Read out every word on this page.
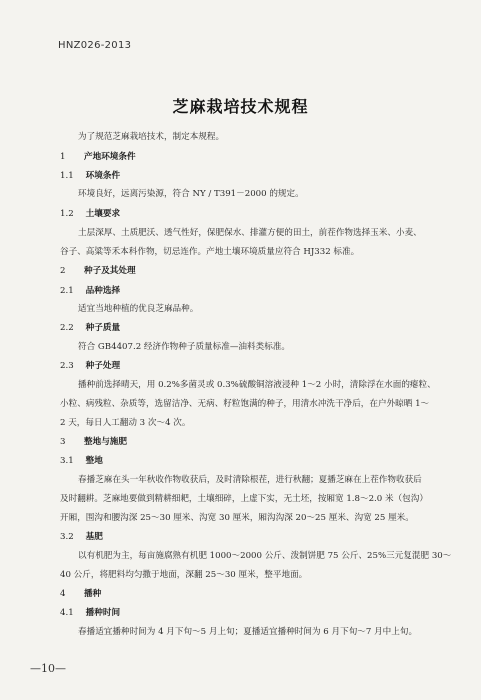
HNZ026-2013
芝麻栽培技术规程
为了规范芝麻栽培技术，制定本规程。
1 产地环境条件
1.1 环境条件
环境良好，远离污染源，符合 NY / T391－2000 的规定。
1.2 土壤要求
土层深厚、土质肥沃、透气性好，保肥保水、排灌方便的田土，前茬作物选择玉米、小麦、
谷子、高粱等禾本科作物，切忌连作。产地土壤环境质量应符合 HJ332 标准。
2 种子及其处理
2.1 品种选择
适宜当地种植的优良芝麻品种。
2.2 种子质量
符合 GB4407.2 经济作物种子质量标准—油料类标准。
2.3 种子处理
播种前选择晴天，用 0.2%多菌灵或 0.3%硫酸铜溶液浸种 1～2 小时，清除浮在水面的瘪粒、
小粒、病残粒、杂质等，选留洁净、无病、籽粒饱满的种子，用清水冲洗干净后，在户外晾晒 1～
2 天，每日人工翻动 3 次～4 次。
3 整地与施肥
3.1 整地
春播芝麻在头一年秋收作物收获后，及时清除根茬，进行秋翻；夏播芝麻在上茬作物收获后
及时翻耕。芝麻地要做到精耕细耙，土壤细碎，上虚下实，无土坯，按厢宽 1.8～2.0 米（包沟）
开厢，围沟和腰沟深 25～30 厘米、沟宽 30 厘米，厢沟沟深 20～25 厘米、沟宽 25 厘米。
3.2 基肥
以有机肥为主，每亩施腐熟有机肥 1000～2000 公斤、泼制饼肥 75 公斤、25%三元复混肥 30～
40 公斤，将肥料均匀撒于地面，深翻 25～30 厘米，整平地面。
4 播种
4.1 播种时间
春播适宜播种时间为 4 月下旬～5 月上旬；夏播适宜播种时间为 6 月下旬～7 月中上旬。
—10—
